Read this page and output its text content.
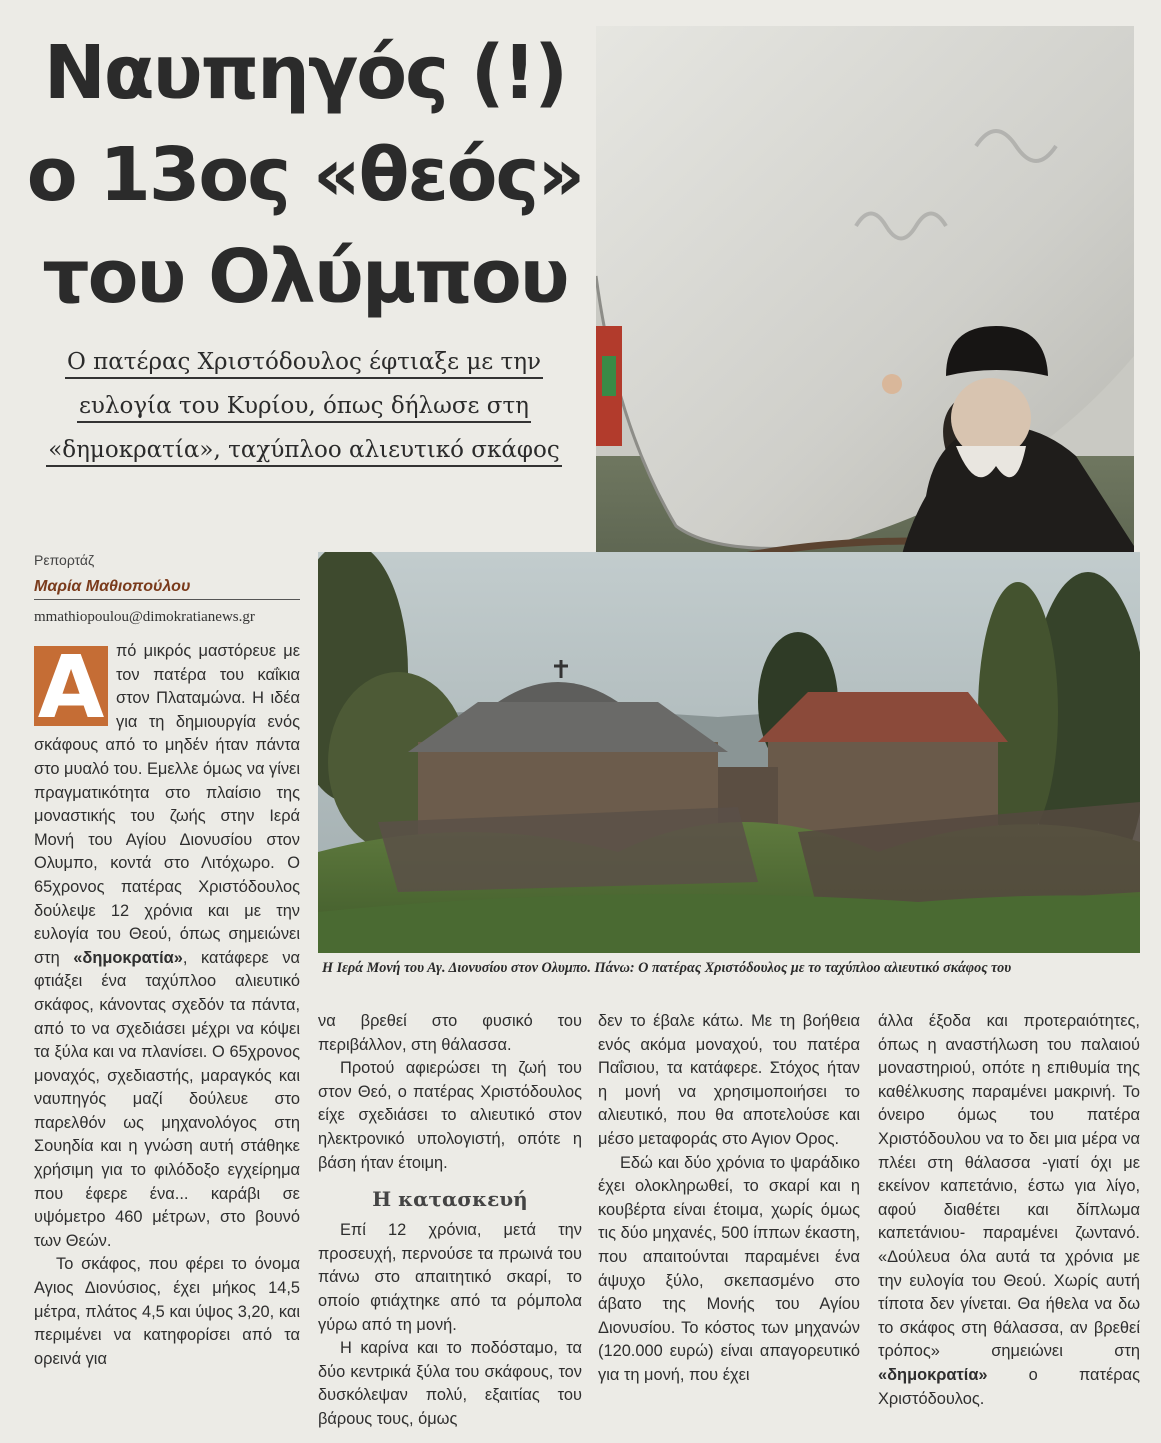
Ναυπηγός (!)
ο 13ος «θεός»
του Ολύμπου
Ο πατέρας Χριστόδουλος έφτιαξε με την
ευλογία του Κυρίου, όπως δήλωσε στη
«δημοκρατία», ταχύπλοο αλιευτικό σκάφος
Ρεπορτάζ
Μαρία Μαθιοπούλου
mmathiopoulou@dimokratianews.gr
Η Ιερά Μονή του Αγ. Διονυσίου στον Ολυμπο. Πάνω: Ο πατέρας Χριστόδουλος με το ταχύπλοο αλιευτικό σκάφος του

Α πό μικρός μαστόρευε με τον πατέρα του καΐκια στον Πλαταμώνα. Η ιδέα για τη δημιουργία ενός σκάφους από το μηδέν ήταν πάντα στο μυαλό του. Εμελλε όμως να γίνει πραγματικότητα στο πλαίσιο της μοναστικής του ζωής στην Ιερά Μονή του Αγίου Διονυσίου στον Ολυμπο, κοντά στο Λιτόχωρο. Ο 65χρονος πατέρας Χριστόδουλος δούλεψε 12 χρόνια και με την ευλογία του Θεού, όπως σημειώνει στη «δημοκρατία», κατάφερε να φτιάξει ένα ταχύπλοο αλιευτικό σκάφος, κάνοντας σχεδόν τα πάντα, από το να σχεδιάσει μέχρι να κόψει τα ξύλα και να πλανίσει. Ο 65χρονος μοναχός, σχεδιαστής, μαραγκός και ναυπηγός μαζί δούλευε στο παρελθόν ως μηχανολόγος στη Σουηδία και η γνώση αυτή στάθηκε χρήσιμη για το φιλόδοξο εγχείρημα που έφερε ένα... καράβι σε υψόμετρο 460 μέτρων, στο βουνό των Θεών.

Το σκάφος, που φέρει το όνομα Αγιος Διονύσιος, έχει μήκος 14,5 μέτρα, πλάτος 4,5 και ύψος 3,20, και περιμένει να κατηφορίσει από τα ορεινά για

να βρεθεί στο φυσικό του περιβάλλον, στη θάλασσα.

Προτού αφιερώσει τη ζωή του στον Θεό, ο πατέρας Χριστόδουλος είχε σχεδιάσει το αλιευτικό στον ηλεκτρονικό υπολογιστή, οπότε η βάση ήταν έτοιμη.

Η κατασκευή

Επί 12 χρόνια, μετά την προσευχή, περνούσε τα πρωινά του πάνω στο απαιτητικό σκαρί, το οποίο φτιάχτηκε από τα ρόμπολα γύρω από τη μονή.

Η καρίνα και το ποδόσταμο, τα δύο κεντρικά ξύλα του σκάφους, τον δυσκόλεψαν πολύ, εξαιτίας του βάρους τους, όμως

δεν το έβαλε κάτω. Με τη βοήθεια ενός ακόμα μοναχού, του πατέρα Παΐσιου, τα κατάφερε. Στόχος ήταν η μονή να χρησιμοποιήσει το αλιευτικό, που θα αποτελούσε και μέσο μεταφοράς στο Αγιον Ορος.

Εδώ και δύο χρόνια το ψαράδικο έχει ολοκληρωθεί, το σκαρί και η κουβέρτα είναι έτοιμα, χωρίς όμως τις δύο μηχανές, 500 ίππων έκαστη, που απαιτούνται παραμένει ένα άψυχο ξύλο, σκεπασμένο στο άβατο της Μονής του Αγίου Διονυσίου. Το κόστος των μηχανών (120.000 ευρώ) είναι απαγορευτικό για τη μονή, που έχει

άλλα έξοδα και προτεραιότητες, όπως η αναστήλωση του παλαιού μοναστηριού, οπότε η επιθυμία της καθέλκυσης παραμένει μακρινή. Το όνειρο όμως του πατέρα Χριστόδουλου να το δει μια μέρα να πλέει στη θάλασσα -γιατί όχι με εκείνον καπετάνιο, έστω για λίγο, αφού διαθέτει και δίπλωμα καπετάνιου- παραμένει ζωντανό. «Δούλευα όλα αυτά τα χρόνια με την ευλογία του Θεού. Χωρίς αυτή τίποτα δεν γίνεται. Θα ήθελα να δω το σκάφος στη θάλασσα, αν βρεθεί τρόπος» σημειώνει στη «δημοκρατία» ο πατέρας Χριστόδουλος.
